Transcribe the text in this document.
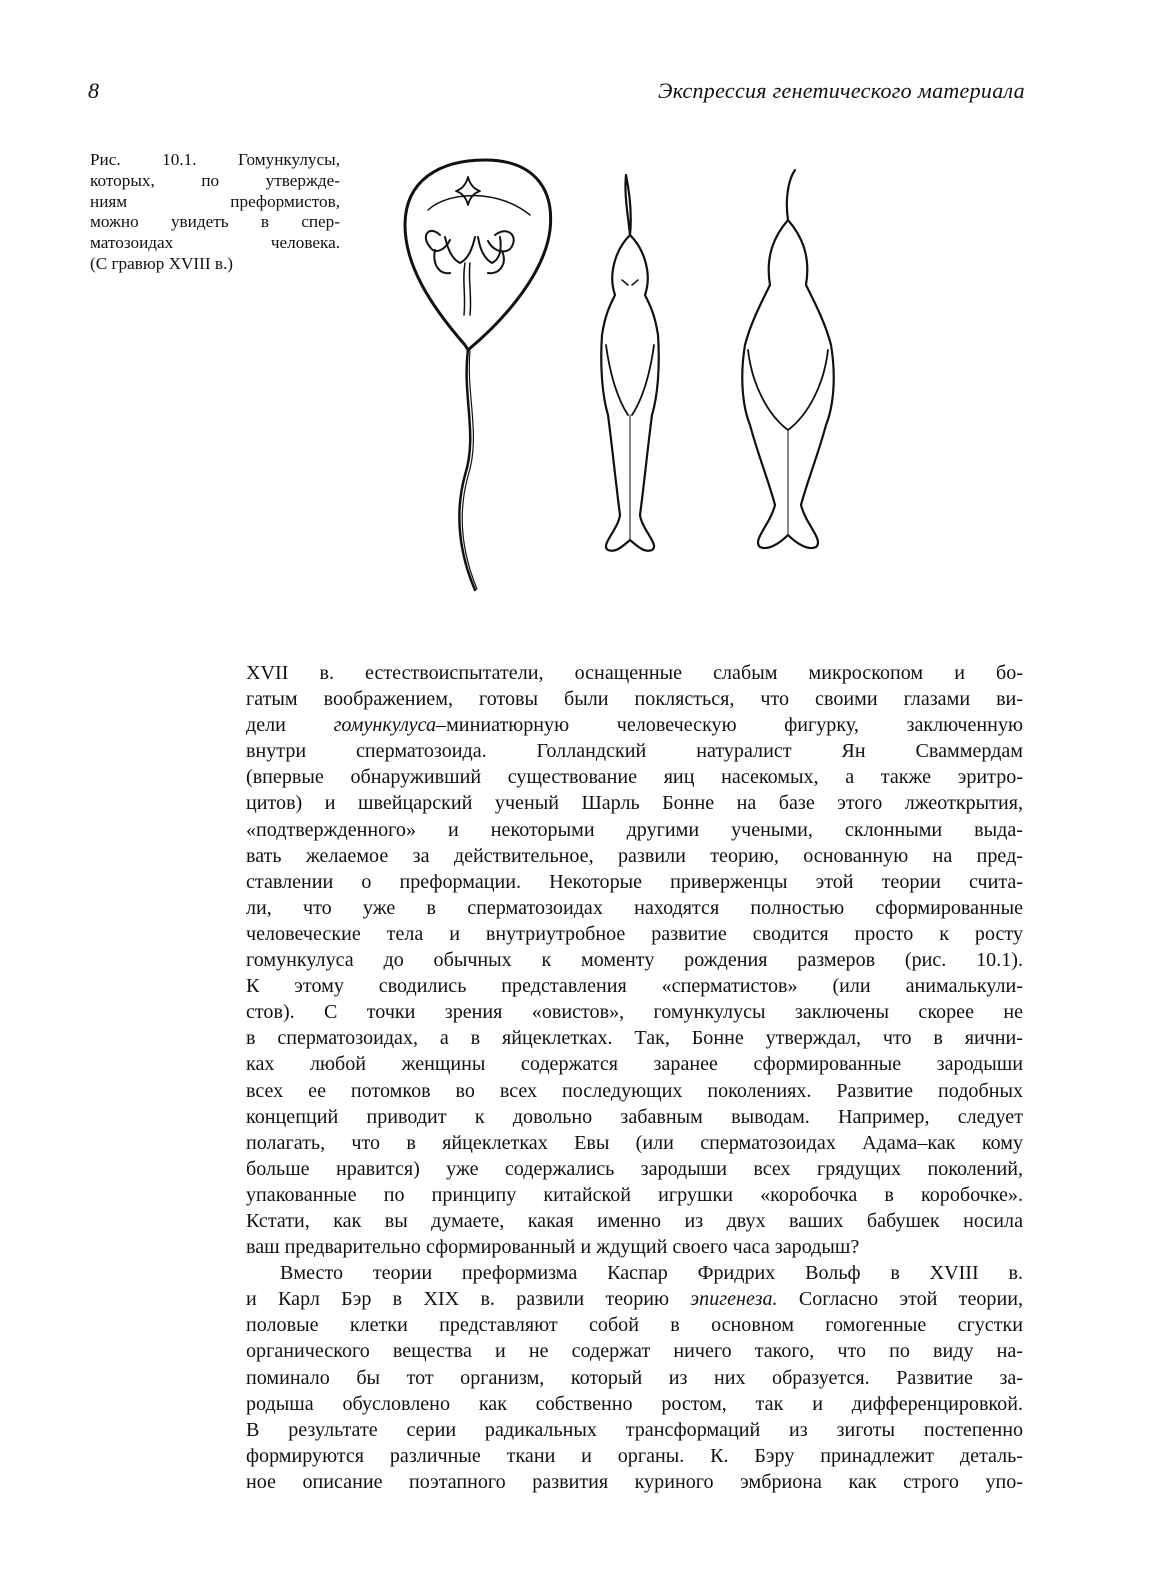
8	Экспрессия генетического материала
Рис. 10.1. Гомункулусы,
которых, по утвержде-
ниям преформистов,
можно увидеть в спер-
матозоидах человека.
(С гравюр XVIII в.)
XVII в. естествоиспытатели, оснащенные слабым микроскопом и бо-
гатым воображением, готовы были поклясться, что своими глазами ви-
дели гомункулуса–миниатюрную человеческую фигурку, заключенную
внутри сперматозоида. Голландский натуралист Ян Сваммердам
(впервые обнаруживший существование яиц насекомых, а также эритро-
цитов) и швейцарский ученый Шарль Бонне на базе этого лжеоткрытия,
«подтвержденного» и некоторыми другими учеными, склонными выда-
вать желаемое за действительное, развили теорию, основанную на пред-
ставлении о преформации. Некоторые приверженцы этой теории счита-
ли, что уже в сперматозоидах находятся полностью сформированные
человеческие тела и внутриутробное развитие сводится просто к росту
гомункулуса до обычных к моменту рождения размеров (рис. 10.1).
К этому сводились представления «сперматистов» (или анималькули-
стов). С точки зрения «овистов», гомункулусы заключены скорее не
в сперматозоидах, а в яйцеклетках. Так, Бонне утверждал, что в яични-
ках любой женщины содержатся заранее сформированные зародыши
всех ее потомков во всех последующих поколениях. Развитие подобных
концепций приводит к довольно забавным выводам. Например, следует
полагать, что в яйцеклетках Евы (или сперматозоидах Адама–как кому
больше нравится) уже содержались зародыши всех грядущих поколений,
упакованные по принципу китайской игрушки «коробочка в коробочке».
Кстати, как вы думаете, какая именно из двух ваших бабушек носила
ваш предварительно сформированный и ждущий своего часа зародыш?
Вместо теории преформизма Каспар Фридрих Вольф в XVIII в.
и Карл Бэр в XIX в. развили теорию эпигенеза. Согласно этой теории,
половые клетки представляют собой в основном гомогенные сгустки
органического вещества и не содержат ничего такого, что по виду на-
поминало бы тот организм, который из них образуется. Развитие за-
родыша обусловлено как собственно ростом, так и дифференцировкой.
В результате серии радикальных трансформаций из зиготы постепенно
формируются различные ткани и органы. К. Бэру принадлежит деталь-
ное описание поэтапного развития куриного эмбриона как строго упо-
